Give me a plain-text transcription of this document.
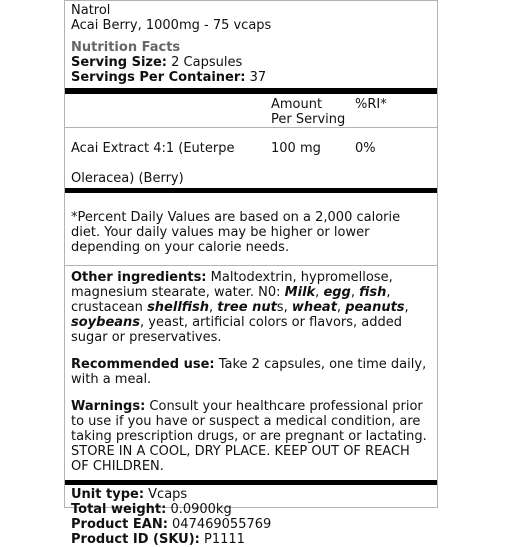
Natrol
Acai Berry, 1000mg - 75 vcaps
Nutrition Facts
Serving Size: 2 Capsules
Servings Per Container: 37
Amount
Per Serving
%RI*
Acai Extract 4:1 (Euterpe
Oleracea) (Berry)
100 mg	0%
*Percent Daily Values are based on a 2,000 calorie diet. Your daily values may be higher or lower depending on your calorie needs.

Other ingredients: Maltodextrin, hypromellose, magnesium stearate, water. N0: Milk, egg, fish, crustacean shellfish, tree nuts, wheat, peanuts, soybeans, yeast, artificial colors or flavors, added sugar or preservatives.

Recommended use: Take 2 capsules, one time daily, with a meal.

Warnings: Consult your healthcare professional prior to use if you have or suspect a medical condition, are taking prescription drugs, or are pregnant or lactating. STORE IN A COOL, DRY PLACE. KEEP OUT OF REACH OF CHILDREN.

Unit type: Vcaps
Total weight: 0.0900kg
Product EAN: 047469055769
Product ID (SKU): P1111
